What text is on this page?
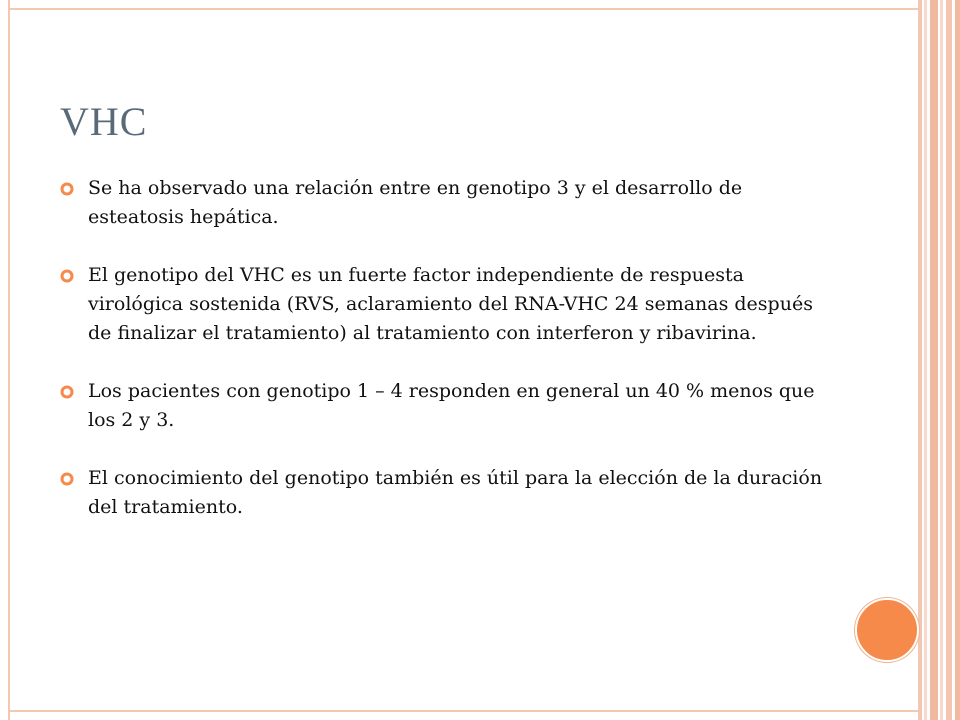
VHC
Se ha observado una relación entre en genotipo 3 y el desarrollo de esteatosis hepática.
El genotipo del VHC es un fuerte factor independiente de respuesta virológica sostenida (RVS, aclaramiento del RNA-VHC 24 semanas después de finalizar el tratamiento) al tratamiento con interferon y ribavirina.
Los pacientes con genotipo 1 – 4 responden en general un 40 % menos que los 2 y 3.
El conocimiento del genotipo también es útil para la elección de la duración del tratamiento.
